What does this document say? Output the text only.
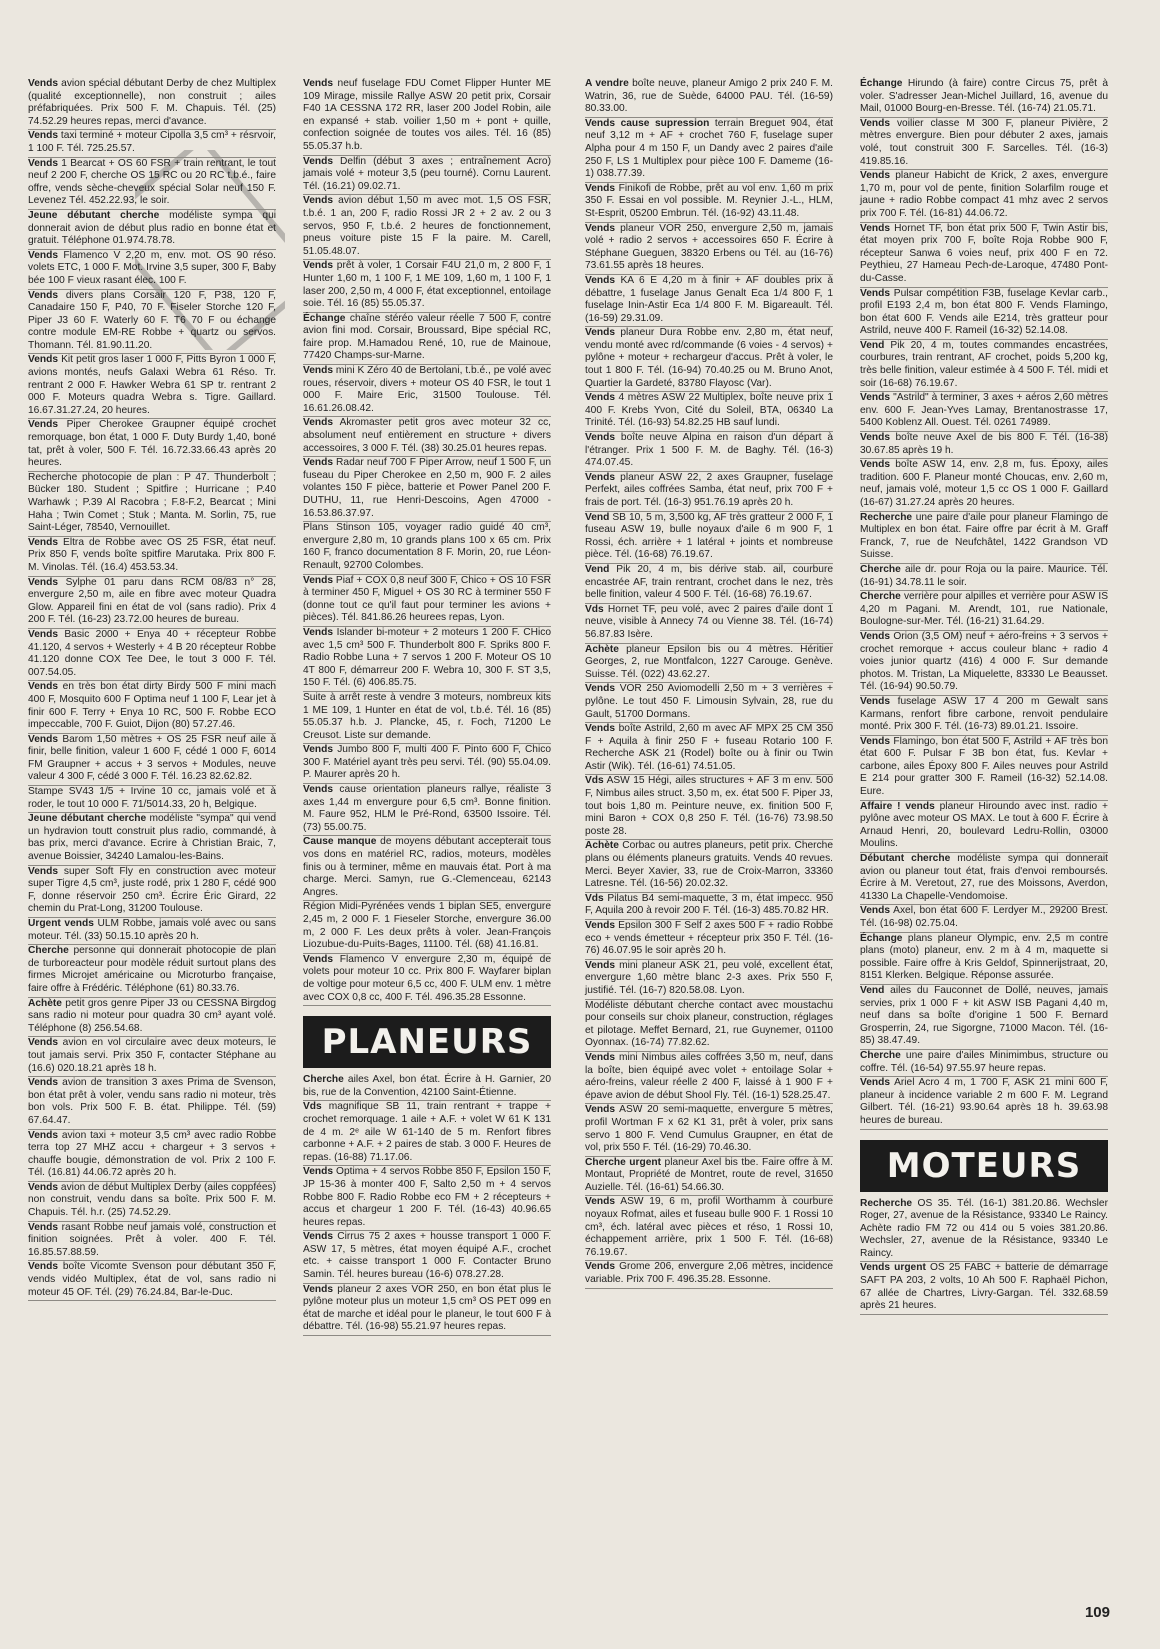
Vends avion spécial débutant Derby de chez Multiplex (qualité exceptionnelle), non construit ; ailes préfabriquées. Prix 500 F. M. Chapuis. Tél. (25) 74.52.29 heures repas, merci d'avance.

Vends taxi terminé + moteur Cipolla 3,5 cm³ + résrvoir, 1 100 F. Tél. 725.25.57.

Vends 1 Bearcat + OS 60 FSR + train rentrant, le tout neuf 2 200 F, cherche OS 15 RC ou 20 RC t.b.é., faire offre, vends sèche-cheveux spécial Solar neuf 150 F. Levenez Tél. 452.22.93, le soir.

Jeune débutant cherche modéliste sympa qui donnerait avion de début plus radio en bonne état et gratuit. Téléphone 01.974.78.78.

Vends Flamenco V 2,20 m, env. mot. OS 90 réso. volets ETC, 1 000 F. Mot. Irvine 3,5 super, 300 F, Baby bée 100 F vieux rasant élec. 100 F.

Vends divers plans Corsair 120 F, P38, 120 F, Canadaire 150 F, P40, 70 F. Fiseler Storche 120 F, Piper J3 60 F. Waterly 60 F. T6 70 F ou échange contre module EM-RE Robbe + quartz ou servos. Thomann. Tél. 81.90.11.20.

Vends Kit petit gros laser 1 000 F, Pitts Byron 1 000 F, avions montés, neufs Galaxi Webra 61 Réso. Tr. rentrant 2 000 F. Hawker Webra 61 SP tr. rentrant 2 000 F. Moteurs quadra Webra s. Tigre. Gaillard. 16.67.31.27.24, 20 heures.

Vends Piper Cherokee Graupner équipé crochet remorquage, bon état, 1 000 F. Duty Burdy 1,40, boné tat, prêt à voler, 500 F. Tél. 16.72.33.66.43 après 20 heures.

Recherche photocopie de plan : P 47. Thunderbolt ; Bücker 180. Student ; Spitfire ; Hurricane ; P.40 Warhawk ; P.39 Al Racobra ; F.8-F.2, Bearcat ; Mini Haha ; Twin Comet ; Stuk ; Manta. M. Sorlin, 75, rue Saint-Léger, 78540, Vernouillet.

Vends Eltra de Robbe avec OS 25 FSR, état neuf. Prix 850 F, vends boîte spitfire Marutaka. Prix 800 F. M. Vinolas. Tél. (16.4) 453.53.34.

Vends Sylphe 01 paru dans RCM 08/83 n° 28, envergure 2,50 m, aile en fibre avec moteur Quadra Glow. Appareil fini en état de vol (sans radio). Prix 4 200 F. Tél. (16-23) 23.72.00 heures de bureau.

Vends Basic 2000 + Enya 40 + récepteur Robbe 41.120, 4 servos + Westerly + 4 B 20 récepteur Robbe 41.120 donne COX Tee Dee, le tout 3 000 F. Tél. 007.54.05.

Vends en très bon état dirty Birdy 500 F mini mach 400 F, Mosquito 600 F Optima neuf 1 100 F, Lear jet à finir 600 F. Terry + Enya 10 RC, 500 F. Robbe ECO impeccable, 700 F. Guiot, Dijon (80) 57.27.46.

Vends Barom 1,50 mètres + OS 25 FSR neuf aile à finir, belle finition, valeur 1 600 F, cédé 1 000 F, 6014 FM Graupner + accus + 3 servos + Modules, neuve valeur 4 300 F, cédé 3 000 F. Tél. 16.23 82.62.82.

Stampe SV43 1/5 + Irvine 10 cc, jamais volé et à roder, le tout 10 000 F. 71/5014.33, 20 h, Belgique.

Jeune débutant cherche modéliste "sympa" qui vend un hydravion toutt construit plus radio, commandé, à bas prix, merci d'avance. Ecrire à Christian Braic, 7, avenue Boissier, 34240 Lamalou-les-Bains.

Vends super Soft Fly en construction avec moteur super Tigre 4,5 cm³, juste rodé, prix 1 280 F, cédé 900 F, donne réservoir 250 cm³. Écrire Éric Girard, 22 chemin du Prat-Long, 31200 Toulouse.

Urgent vends ULM Robbe, jamais volé avec ou sans moteur. Tél. (33) 50.15.10 après 20 h.

Cherche personne qui donnerait photocopie de plan de turboreacteur pour modèle réduit surtout plans des firmes Microjet américaine ou Microturbo française, faire offre à Frédéric. Téléphone (61) 80.33.76.

Achète petit gros genre Piper J3 ou CESSNA Birgdog sans radio ni moteur pour quadra 30 cm³ ayant volé. Téléphone (8) 256.54.68.

Vends avion en vol circulaire avec deux moteurs, le tout jamais servi. Prix 350 F, contacter Stéphane au (16.6) 020.18.21 après 18 h.

Vends avion de transition 3 axes Prima de Svenson, bon état prêt à voler, vendu sans radio ni moteur, très bon vols. Prix 500 F. B. état. Philippe. Tél. (59) 67.64.47.

Vends avion taxi + moteur 3,5 cm³ avec radio Robbe terra top 27 MHZ accu + chargeur + 3 servos + chauffe bougie, démonstration de vol. Prix 2 100 F. Tél. (16.81) 44.06.72 après 20 h.

Vends avion de début Multiplex Derby (ailes coppfées) non construit, vendu dans sa boîte. Prix 500 F. M. Chapuis. Tél. h.r. (25) 74.52.29.

Vends rasant Robbe neuf jamais volé, construction et finition soignées. Prêt à voler. 400 F. Tél. 16.85.57.88.59.

Vends boîte Vicomte Svenson pour débutant 350 F, vends vidéo Multiplex, état de vol, sans radio ni moteur 45 OF. Tél. (29) 76.24.84, Bar-le-Duc.

Vends neuf fuselage FDU Comet Flipper Hunter ME 109 Mirage, missile Rallye ASW 20 petit prix, Corsair F40 1A CESSNA 172 RR, laser 200 Jodel Robin, aile en expansé + stab. voilier 1,50 m + pont + quille, confection soignée de toutes vos ailes. Tél. 16 (85) 55.05.37 h.b.

Vends Delfin (début 3 axes ; entraînement Acro) jamais volé + moteur 3,5 (peu tourné). Cornu Laurent. Tél. (16.21) 09.02.71.

Vends avion début 1,50 m avec mot. 1,5 OS FSR, t.b.é. 1 an, 200 F, radio Rossi JR 2 + 2 av. 2 ou 3 servos, 950 F, t.b.é. 2 heures de fonctionnement, pneus voiture piste 15 F la paire. M. Carell, 51.05.48.07.

Vends prêt à voler, 1 Corsair F4U 21,0 m, 2 800 F, 1 Hunter 1,60 m, 1 100 F, 1 ME 109, 1,60 m, 1 100 F, 1 laser 200, 2,50 m, 4 000 F, état exceptionnel, entoilage soie. Tél. 16 (85) 55.05.37.

Échange chaîne stéréo valeur réelle 7 500 F, contre avion fini mod. Corsair, Broussard, Bipe spécial RC, faire prop. M.Hamadou René, 10, rue de Mainoue, 77420 Champs-sur-Marne.

Vends mini K Zéro 40 de Bertolani, t.b.é., pe volé avec roues, réservoir, divers + moteur OS 40 FSR, le tout 1 000 F. Maire Eric, 31500 Toulouse. Tél. 16.61.26.08.42.

Vends Akromaster petit gros avec moteur 32 cc, absolument neuf entièrement en structure + divers accessoires, 3 000 F. Tél. (38) 30.25.01 heures repas.

Vends Radar neuf 700 F Piper Arrow, neuf 1 500 F, un fuseau du Piper Cherokee en 2,50 m, 900 F. 2 ailes volantes 150 F pièce, batterie et Power Panel 200 F. DUTHU, 11, rue Henri-Descoins, Agen 47000 - 16.53.86.37.97.

Plans Stinson 105, voyager radio guidé 40 cm³, envergure 2,80 m, 10 grands plans 100 x 65 cm. Prix 160 F, franco documentation 8 F. Morin, 20, rue Léon-Renault, 92700 Colombes.

Vends Piaf + COX 0,8 neuf 300 F, Chico + OS 10 FSR à terminer 450 F, Miguel + OS 30 RC à terminer 550 F (donne tout ce qu'il faut pour terminer les avions + pièces). Tél. 841.86.26 heurees repas, Lyon.

Vends Islander bi-moteur + 2 moteurs 1 200 F. CHico avec 1,5 cm³ 500 F. Thunderbolt 800 F. Spriks 800 F. Radio Robbe Luna + 7 servos 1 200 F. Moteur OS 10 4T 800 F, démarreur 200 F. Webra 10, 300 F. ST 3,5, 150 F. Tél. (6) 406.85.75.

Suite à arrêt reste à vendre 3 moteurs, nombreux kits 1 ME 109, 1 Hunter en état de vol, t.b.é. Tél. 16 (85) 55.05.37 h.b. J. Plancke, 45, r. Foch, 71200 Le Creusot. Liste sur demande.

Vends Jumbo 800 F, multi 400 F. Pinto 600 F, Chico 300 F. Matériel ayant très peu servi. Tél. (90) 55.04.09. P. Maurer après 20 h.

Vends cause orientation planeurs rallye, réaliste 3 axes 1,44 m envergure pour 6,5 cm³. Bonne finition. M. Faure 952, HLM le Pré-Rond, 63500 Issoire. Tél. (73) 55.00.75.

Cause manque de moyens débutant accepterait tous vos dons en matériel RC, radios, moteurs, modèles finis ou à terminer, même en mauvais état. Port à ma charge. Merci. Samyn, rue G.-Clemenceau, 62143 Angres.

Région Midi-Pyrénées vends 1 biplan SE5, envergure 2,45 m, 2 000 F. 1 Fieseler Storche, envergure 36.00 m, 2 000 F. Les deux prêts à voler. Jean-François Liozubue-du-Puits-Bages, 11100. Tél. (68) 41.16.81.

Vends Flamenco V envergure 2,30 m, équipé de volets pour moteur 10 cc. Prix 800 F. Wayfarer biplan de voltige pour moteur 6,5 cc, 400 F. ULM env. 1 mètre avec COX 0,8 cc, 400 F. Tél. 496.35.28 Essonne.

PLANEURS

Cherche ailes Axel, bon état. Écrire à H. Garnier, 20 bis, rue de la Convention, 42100 Saint-Étienne.

Vds magnifique SB 11, train rentrant + trappe + crochet remorquage. 1 aile + A.F. + volet W 61 K 131 de 4 m. 2ᵉ aile W 61-140 de 5 m. Renfort fibres carbonne + A.F. + 2 paires de stab. 3 000 F. Heures de repas. (16-88) 71.17.06.

Vends Optima + 4 servos Robbe 850 F, Epsilon 150 F, JP 15-36 à monter 400 F, Salto 2,50 m + 4 servos Robbe 800 F. Radio Robbe eco FM + 2 récepteurs + accus et chargeur 1 200 F. Tél. (16-43) 40.96.65 heures repas.

Vends Cirrus 75 2 axes + housse transport 1 000 F. ASW 17, 5 mètres, état moyen équipé A.F., crochet etc. + caisse transport 1 000 F. Contacter Bruno Samin. Tél. heures bureau (16-6) 078.27.28.

Vends planeur 2 axes VOR 250, en bon état plus le pylône moteur plus un moteur 1,5 cm³ OS PET 099 en état de marche et idéal pour le planeur, le tout 600 F à débattre. Tél. (16-98) 55.21.97 heures repas.

A vendre boîte neuve, planeur Amigo 2 prix 240 F. M. Watrin, 36, rue de Suède, 64000 PAU. Tél. (16-59) 80.33.00.

Vends cause supression terrain Breguet 904, état neuf 3,12 m + AF + crochet 760 F, fuselage super Alpha pour 4 m 150 F, un Dandy avec 2 paires d'aile 250 F, LS 1 Multiplex pour pièce 100 F. Dameme (16-1) 038.77.39.

Vends Finikofi de Robbe, prêt au vol env. 1,60 m prix 350 F. Essai en vol possible. M. Reynier J.-L., HLM, St-Esprit, 05200 Embrun. Tél. (16-92) 43.11.48.

Vends planeur VOR 250, envergure 2,50 m, jamais volé + radio 2 servos + accessoires 650 F. Écrire à Stéphane Gueguen, 38320 Erbens ou Tél. au (16-76) 73.61.55 après 18 heures.

Vends KA 6 E 4,20 m à finir + AF doubles prix à débattre, 1 fuselage Janus Genalt Eca 1/4 800 F, 1 fuselage Inin-Astir Eca 1/4 800 F. M. Bigareault. Tél. (16-59) 29.31.09.

Vends planeur Dura Robbe env. 2,80 m, état neuf, vendu monté avec rd/commande (6 voies - 4 servos) + pylône + moteur + rechargeur d'accus. Prêt à voler, le tout 1 800 F. Tél. (16-94) 70.40.25 ou M. Bruno Anot, Quartier la Gardeté, 83780 Flayosc (Var).

Vends 4 mètres ASW 22 Multiplex, boîte neuve prix 1 400 F. Krebs Yvon, Cité du Soleil, BTA, 06340 La Trinité. Tél. (16-93) 54.82.25 HB sauf lundi.

Vends boîte neuve Alpina en raison d'un départ à l'étranger. Prix 1 500 F. M. de Baghy. Tél. (16-3) 474.07.45.

Vends planeur ASW 22, 2 axes Graupner, fuselage Perfekt, ailes coffrées Samba, état neuf, prix 700 F + frais de port. Tél. (16-3) 951.76.19 après 20 h.

Vend SB 10, 5 m, 3,500 kg, AF très gratteur 2 000 F, 1 fuseau ASW 19, bulle noyaux d'aile 6 m 900 F, 1 Rossi, éch. arrière + 1 latéral + joints et nombreuse pièce. Tél. (16-68) 76.19.67.

Vend Pik 20, 4 m, bis dérive stab. ail, courbure encastrée AF, train rentrant, crochet dans le nez, très belle finition, valeur 4 500 F. Tél. (16-68) 76.19.67.

Vds Hornet TF, peu volé, avec 2 paires d'aile dont 1 neuve, visible à Annecy 74 ou Vienne 38. Tél. (16-74) 56.87.83 Isère.

Achète planeur Epsilon bis ou 4 mètres. Héritier Georges, 2, rue Montfalcon, 1227 Carouge. Genève. Suisse. Tél. (022) 43.62.27.

Vends VOR 250 Aviomodelli 2,50 m + 3 verrières + pylône. Le tout 450 F. Limousin Sylvain, 28, rue du Gault, 51700 Dormans.

Vends boîte Astrild, 2,60 m avec AF MPX 25 CM 350 F + Aquila à finir 250 F + fuseau Rotario 100 F. Recherche ASK 21 (Rodel) boîte ou à finir ou Twin Astir (Wik). Tél. (16-61) 74.51.05.

Vds ASW 15 Hégi, ailes structures + AF 3 m env. 500 F, Nimbus ailes struct. 3,50 m, ex. état 500 F. Piper J3, tout bois 1,80 m. Peinture neuve, ex. finition 500 F, mini Baron + COX 0,8 250 F. Tél. (16-76) 73.98.50 poste 28.

Achète Corbac ou autres planeurs, petit prix. Cherche plans ou éléments planeurs gratuits. Vends 40 revues. Merci. Beyer Xavier, 33, rue de Croix-Marron, 33360 Latresne. Tél. (16-56) 20.02.32.

Vds Pilatus B4 semi-maquette, 3 m, état impecc. 950 F, Aquila 200 à revoir 200 F. Tél. (16-3) 485.70.82 HR.

Vends Epsilon 300 F Self 2 axes 500 F + radio Robbe eco + vends émetteur + récepteur prix 350 F. Tél. (16-76) 46.07.95 le soir après 20 h.

Vends mini planeur ASK 21, peu volé, excellent état, envergure 1,60 mètre blanc 2-3 axes. Prix 550 F, justifié. Tél. (16-7) 820.58.08. Lyon.

Modéliste débutant cherche contact avec moustachu pour conseils sur choix planeur, construction, réglages et pilotage. Meffet Bernard, 21, rue Guynemer, 01100 Oyonnax. (16-74) 77.82.62.

Vends mini Nimbus ailes coffrées 3,50 m, neuf, dans la boîte, bien équipé avec volet + entoilage Solar + aéro-freins, valeur réelle 2 400 F, laissé à 1 900 F + épave avion de début Shool Fly. Tél. (16-1) 528.25.47.

Vends ASW 20 semi-maquette, envergure 5 mètres, profil Wortman F x 62 K1 31, prêt à voler, prix sans servo 1 800 F. Vend Cumulus Graupner, en état de vol, prix 550 F. Tél. (16-29) 70.46.30.

Cherche urgent planeur Axel bis tbe. Faire offre à M. Montaut, Propriété de Montret, route de revel, 31650 Auzielle. Tél. (16-61) 54.66.30.

Vends ASW 19, 6 m, profil Worthamm à courbure noyaux Rofmat, ailes et fuseau bulle 900 F. 1 Rossi 10 cm³, éch. latéral avec pièces et réso, 1 Rossi 10, échappement arrière, prix 1 500 F. Tél. (16-68) 76.19.67.

Vends Grome 206, envergure 2,06 mètres, incidence variable. Prix 700 F. 496.35.28. Essonne.

Échange Hirundo (à faire) contre Circus 75, prêt à voler. S'adresser Jean-Michel Juillard, 16, avenue du Mail, 01000 Bourg-en-Bresse. Tél. (16-74) 21.05.71.

Vends voilier classe M 300 F, planeur Pivière, 2 mètres envergure. Bien pour débuter 2 axes, jamais volé, tout construit 300 F. Sarcelles. Tél. (16-3) 419.85.16.

Vends planeur Habicht de Krick, 2 axes, envergure 1,70 m, pour vol de pente, finition Solarfilm rouge et jaune + radio Robbe compact 41 mhz avec 2 servos prix 700 F. Tél. (16-81) 44.06.72.

Vends Hornet TF, bon état prix 500 F, Twin Astir bis, état moyen prix 700 F, boîte Roja Robbe 900 F, récepteur Sanwa 6 voies neuf, prix 400 F en 72. Peythieu, 27 Hameau Pech-de-Laroque, 47480 Pont-du-Casse.

Vends Pulsar compétition F3B, fuselage Kevlar carb., profil E193 2,4 m, bon état 800 F. Vends Flamingo, bon état 600 F. Vends aile E214, très gratteur pour Astrild, neuve 400 F. Rameil (16-32) 52.14.08.

Vend Pik 20, 4 m, toutes commandes encastrées, courbures, train rentrant, AF crochet, poids 5,200 kg, très belle finition, valeur estimée à 4 500 F. Tél. midi et soir (16-68) 76.19.67.

Vends "Astrild" à terminer, 3 axes + aéros 2,60 mètres env. 600 F. Jean-Yves Lamay, Brentanostrasse 17, 5400 Koblenz All. Ouest. Tél. 0261 74989.

Vends boîte neuve Axel de bis 800 F. Tél. (16-38) 30.67.85 après 19 h.

Vends boîte ASW 14, env. 2,8 m, fus. Époxy, ailes tradition. 600 F. Planeur monté Choucas, env. 2,60 m, neuf, jamais volé, moteur 1,5 cc OS 1 000 F. Gaillard (16-67) 31.27.24 après 20 heures.

Recherche une paire d'aile pour planeur Flamingo de Multiplex en bon état. Faire offre par écrit à M. Graff Franck, 7, rue de Neufchâtel, 1422 Grandson VD Suisse.

Cherche aile dr. pour Roja ou la paire. Maurice. Tél. (16-91) 34.78.11 le soir.

Cherche verrière pour alpilles et verrière pour ASW IS 4,20 m Pagani. M. Arendt, 101, rue Nationale, Boulogne-sur-Mer. Tél. (16-21) 31.64.29.

Vends Orion (3,5 OM) neuf + aéro-freins + 3 servos + crochet remorque + accus couleur blanc + radio 4 voies junior quartz (416) 4 000 F. Sur demande photos. M. Tristan, La Miquelette, 83330 Le Beausset. Tél. (16-94) 90.50.79.

Vends fuselage ASW 17 4 200 m Gewalt sans Karmans, renfort fibre carbone, renvoit pendulaire monté. Prix 300 F. Tél. (16-73) 89.01.21. Issoire.

Vends Flamingo, bon état 500 F, Astrild + AF très bon état 600 F. Pulsar F 3B bon état, fus. Kevlar + carbone, ailes Époxy 800 F. Ailes neuves pour Astrild E 214 pour gratter 300 F. Rameil (16-32) 52.14.08. Eure.

Affaire ! vends planeur Hiroundo avec inst. radio + pylône avec moteur OS MAX. Le tout à 600 F. Écrire à Arnaud Henri, 20, boulevard Ledru-Rollin, 03000 Moulins.

Débutant cherche modéliste sympa qui donnerait avion ou planeur tout état, frais d'envoi remboursés. Écrire à M. Veretout, 27, rue des Moissons, Averdon, 41330 La Chapelle-Vendomoise.

Vends Axel, bon état 600 F. Lerdyer M., 29200 Brest. Tél. (16-98) 02.75.04.

Échange plans planeur Olympic, env. 2,5 m contre plans (moto) planeur, env. 2 m à 4 m, maquette si possible. Faire offre à Kris Geldof, Spinnerijstraat, 20, 8151 Klerken. Belgique. Réponse assurée.

Vend ailes du Fauconnet de Dollé, neuves, jamais servies, prix 1 000 F + kit ASW ISB Pagani 4,40 m, neuf dans sa boîte d'origine 1 500 F. Bernard Grosperrin, 24, rue Sigorgne, 71000 Macon. Tél. (16-85) 38.47.49.

Cherche une paire d'ailes Minimimbus, structure ou coffre. Tél. (16-54) 97.55.97 heure repas.

Vends Ariel Acro 4 m, 1 700 F, ASK 21 mini 600 F, planeur à incidence variable 2 m 600 F. M. Legrand Gilbert. Tél. (16-21) 93.90.64 après 18 h. 39.63.98 heures de bureau.

MOTEURS

Recherche OS 35. Tél. (16-1) 381.20.86. Wechsler Roger, 27, avenue de la Résistance, 93340 Le Raincy. Achète radio FM 72 ou 414 ou 5 voies 381.20.86. Wechsler, 27, avenue de la Résistance, 93340 Le Raincy.

Vends urgent OS 25 FABC + batterie de démarrage SAFT PA 203, 2 volts, 10 Ah 500 F. Raphaël Pichon, 67 allée de Chartres, Livry-Gargan. Tél. 332.68.59 après 21 heures.

109
